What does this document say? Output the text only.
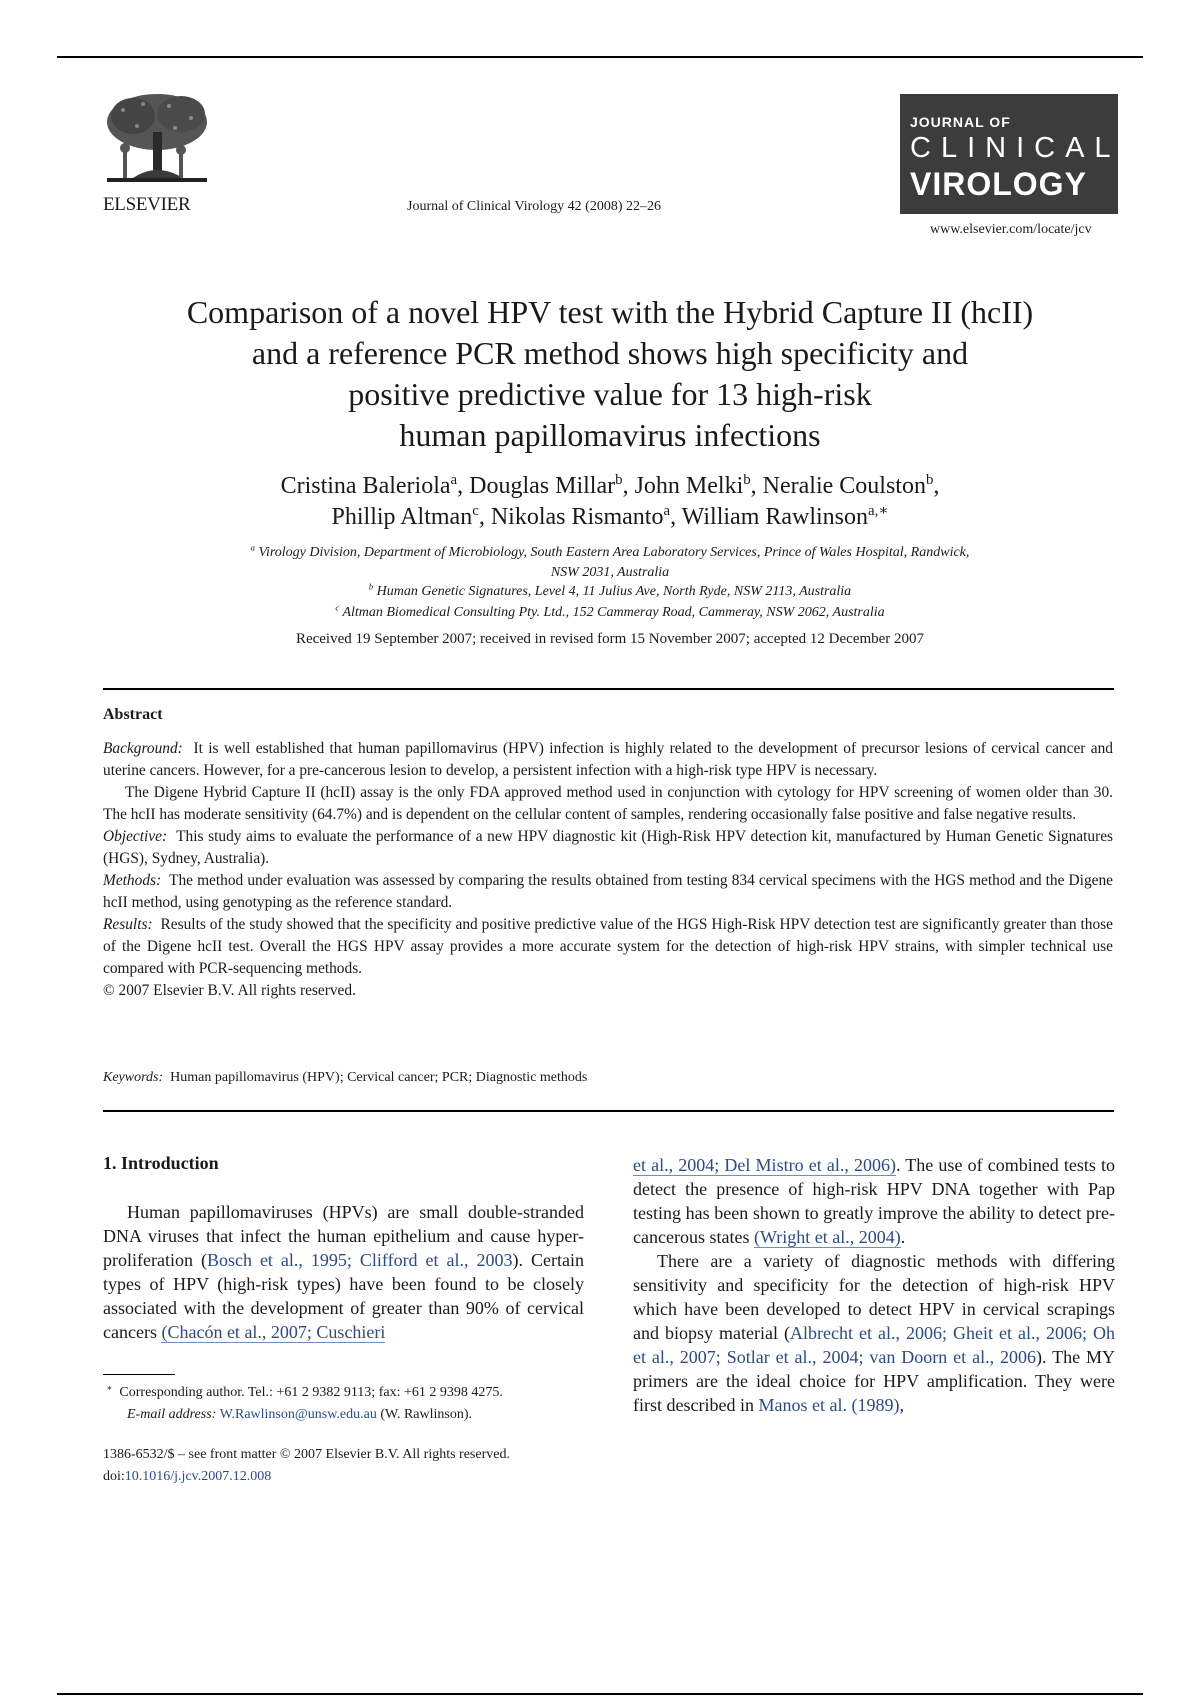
ELSEVIER	Journal of Clinical Virology 42 (2008) 22–26
JOURNAL OF
CLINICAL
VIROLOGY
www.elsevier.com/locate/jcv
Comparison of a novel HPV test with the Hybrid Capture II (hcII)
and a reference PCR method shows high specificity and
positive predictive value for 13 high-risk
human papillomavirus infections
Cristina Baleriola$^a$, Douglas Millar$^b$, John Melki$^b$, Neralie Coulston$^b$,
Phillip Altman$^c$, Nikolas Rismanto$^a$, William Rawlinson$^{a,∗}$
$^a$ Virology Division, Department of Microbiology, South Eastern Area Laboratory Services, Prince of Wales Hospital, Randwick, NSW 2031, Australia
$^b$ Human Genetic Signatures, Level 4, 11 Julius Ave, North Ryde, NSW 2113, Australia
$^c$ Altman Biomedical Consulting Pty. Ltd., 152 Cammeray Road, Cammeray, NSW 2062, Australia
Received 19 September 2007; received in revised form 15 November 2007; accepted 12 December 2007
Abstract

Background: It is well established that human papillomavirus (HPV) infection is highly related to the development of precursor lesions of cervical cancer and uterine cancers. However, for a pre-cancerous lesion to develop, a persistent infection with a high-risk type HPV is necessary.

The Digene Hybrid Capture II (hcII) assay is the only FDA approved method used in conjunction with cytology for HPV screening of women older than 30. The hcII has moderate sensitivity (64.7%) and is dependent on the cellular content of samples, rendering occasionally false positive and false negative results.

Objective: This study aims to evaluate the performance of a new HPV diagnostic kit (High-Risk HPV detection kit, manufactured by Human Genetic Signatures (HGS), Sydney, Australia).

Methods: The method under evaluation was assessed by comparing the results obtained from testing 834 cervical specimens with the HGS method and the Digene hcII method, using genotyping as the reference standard.

Results: Results of the study showed that the specificity and positive predictive value of the HGS High-Risk HPV detection test are significantly greater than those of the Digene hcII test. Overall the HGS HPV assay provides a more accurate system for the detection of high-risk HPV strains, with simpler technical use compared with PCR-sequencing methods.

© 2007 Elsevier B.V. All rights reserved.

Keywords: Human papillomavirus (HPV); Cervical cancer; PCR; Diagnostic methods
1. Introduction

Human papillomaviruses (HPVs) are small double-stranded DNA viruses that infect the human epithelium and cause hyper-proliferation (Bosch et al., 1995; Clifford et al., 2003). Certain types of HPV (high-risk types) have been found to be closely associated with the development of greater than 90% of cervical cancers (Chacón et al., 2007; Cuschieri

et al., 2004; Del Mistro et al., 2006). The use of combined tests to detect the presence of high-risk HPV DNA together with Pap testing has been shown to greatly improve the ability to detect pre-cancerous states (Wright et al., 2004).

There are a variety of diagnostic methods with differing sensitivity and specificity for the detection of high-risk HPV which have been developed to detect HPV in cervical scrapings and biopsy material (Albrecht et al., 2006; Gheit et al., 2006; Oh et al., 2007; Sotlar et al., 2004; van Doorn et al., 2006). The MY primers are the ideal choice for HPV amplification. They were first described in Manos et al. (1989),

∗ Corresponding author. Tel.: +61 2 9382 9113; fax: +61 2 9398 4275.
E-mail address: W.Rawlinson@unsw.edu.au (W. Rawlinson).
1386-6532/$ – see front matter © 2007 Elsevier B.V. All rights reserved.
doi:10.1016/j.jcv.2007.12.008
